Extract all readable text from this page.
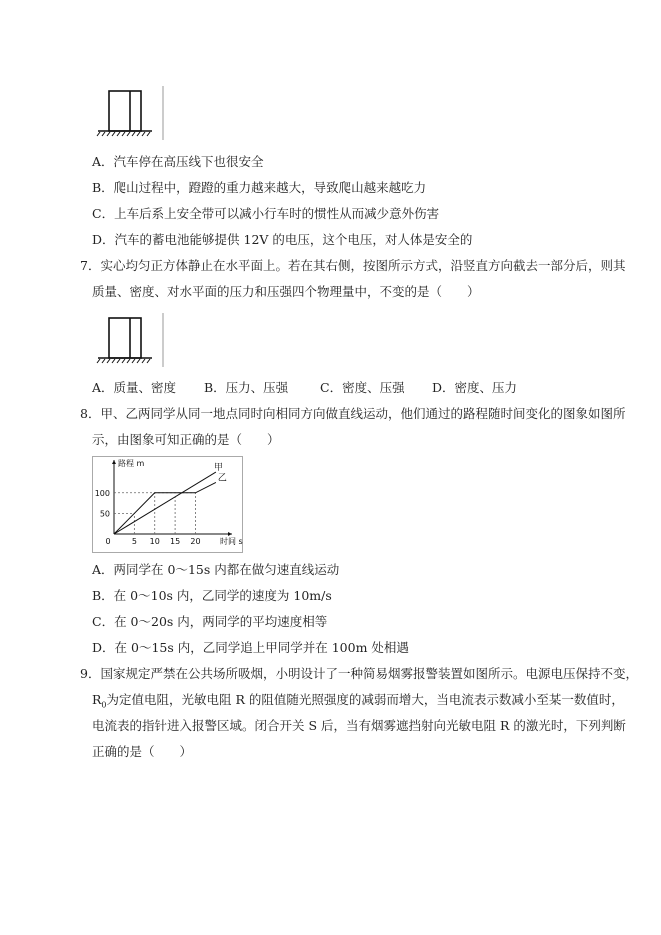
A．汽车停在高压线下也很安全
B．爬山过程中，蹬蹬的重力越来越大，导致爬山越来越吃力
C．上车后系上安全带可以减小行车时的惯性从而减少意外伤害
D．汽车的蓄电池能够提供 12V 的电压，这个电压，对人体是安全的
7．实心均匀正方体静止在水平面上。若在其右侧，按图所示方式，沿竖直方向截去一部分后，则其
质量、密度、对水平面的压力和压强四个物理量中，不变的是（　　）
A．质量、密度 B．压力、压强	C．密度、压强 D．密度、压力
8．甲、乙两同学从同一地点同时向相同方向做直线运动，他们通过的路程随时间变化的图象如图所
示，由图象可知正确的是（　　）
50
100
0	5 10 15 20
路程 m
时间 s
甲
乙
A．两同学在 0～15s 内都在做匀速直线运动
B．在 0～10s 内，乙同学的速度为 10m/s
C．在 0～20s 内，两同学的平均速度相等
D．在 0～15s 内，乙同学追上甲同学并在 100m 处相遇
9．国家规定严禁在公共场所吸烟，小明设计了一种简易烟雾报警装置如图所示。电源电压保持不变，
$R_0$为定值电阻，光敏电阻 R 的阻值随光照强度的减弱而增大，当电流表示数减小至某一数值时，
电流表的指针进入报警区域。闭合开关 S 后，当有烟雾遮挡射向光敏电阻 R 的激光时，下列判断
正确的是（　　）
